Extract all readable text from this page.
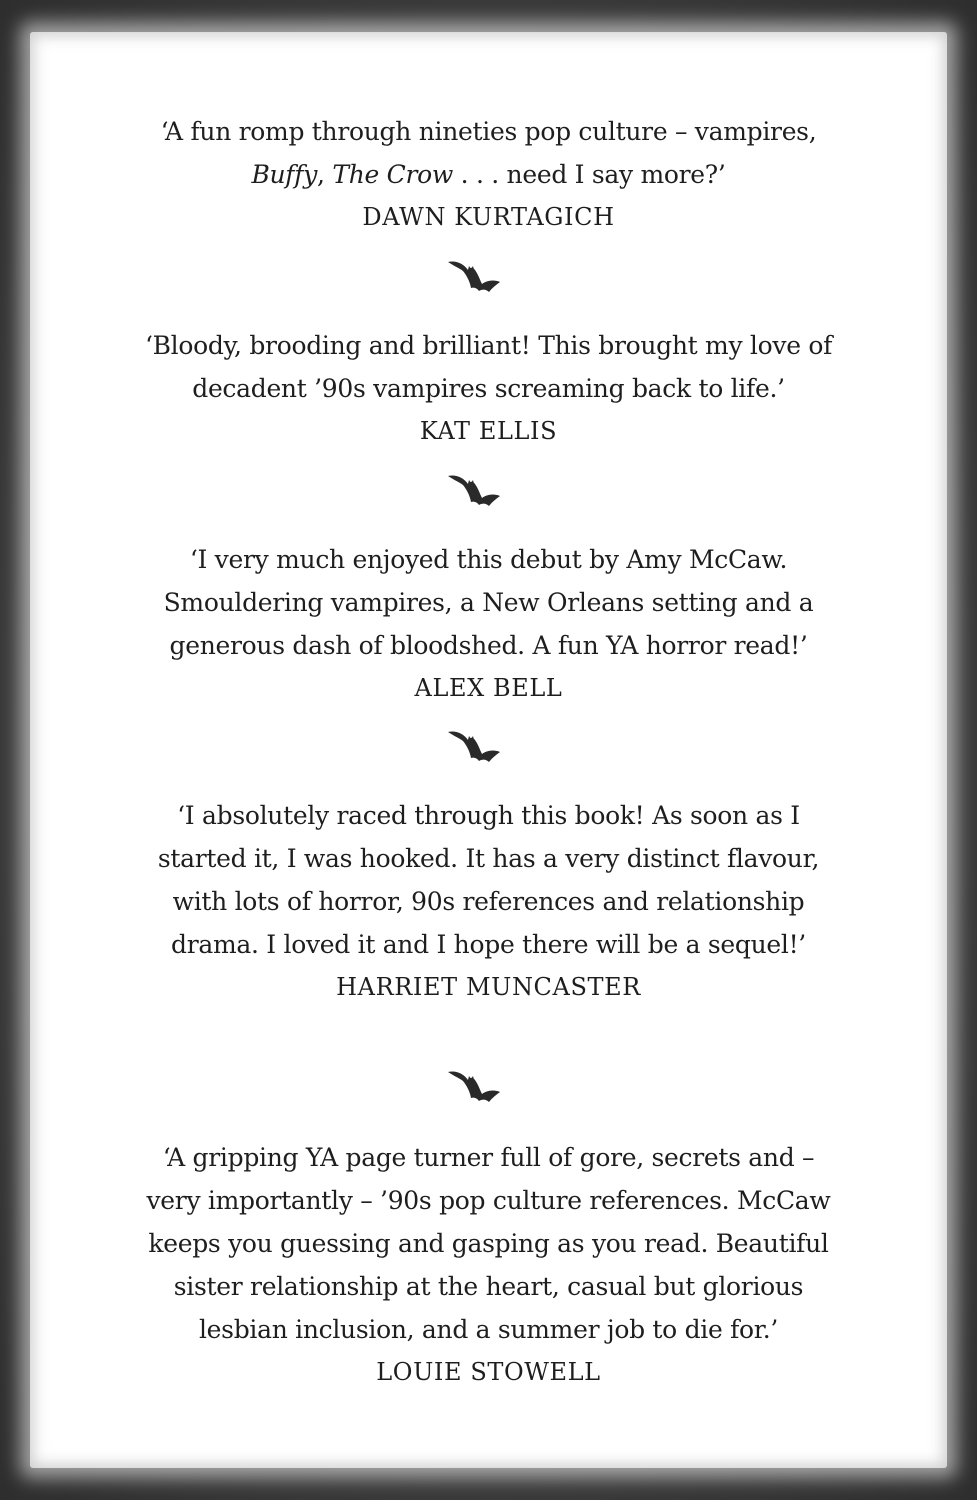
‘A fun romp through nineties pop culture – vampires,
Buffy, The Crow . . . need I say more?’
DAWN KURTAGICH
‘Bloody, brooding and brilliant! This brought my love of
decadent ’90s vampires screaming back to life.’
KAT ELLIS
‘I very much enjoyed this debut by Amy McCaw.
Smouldering vampires, a New Orleans setting and a
generous dash of bloodshed. A fun YA horror read!’
ALEX BELL
‘I absolutely raced through this book! As soon as I
started it, I was hooked. It has a very distinct flavour,
with lots of horror, 90s references and relationship
drama. I loved it and I hope there will be a sequel!’
HARRIET MUNCASTER
‘A gripping YA page turner full of gore, secrets and –
very importantly – ’90s pop culture references. McCaw
keeps you guessing and gasping as you read. Beautiful
sister relationship at the heart, casual but glorious
lesbian inclusion, and a summer job to die for.’
LOUIE STOWELL
